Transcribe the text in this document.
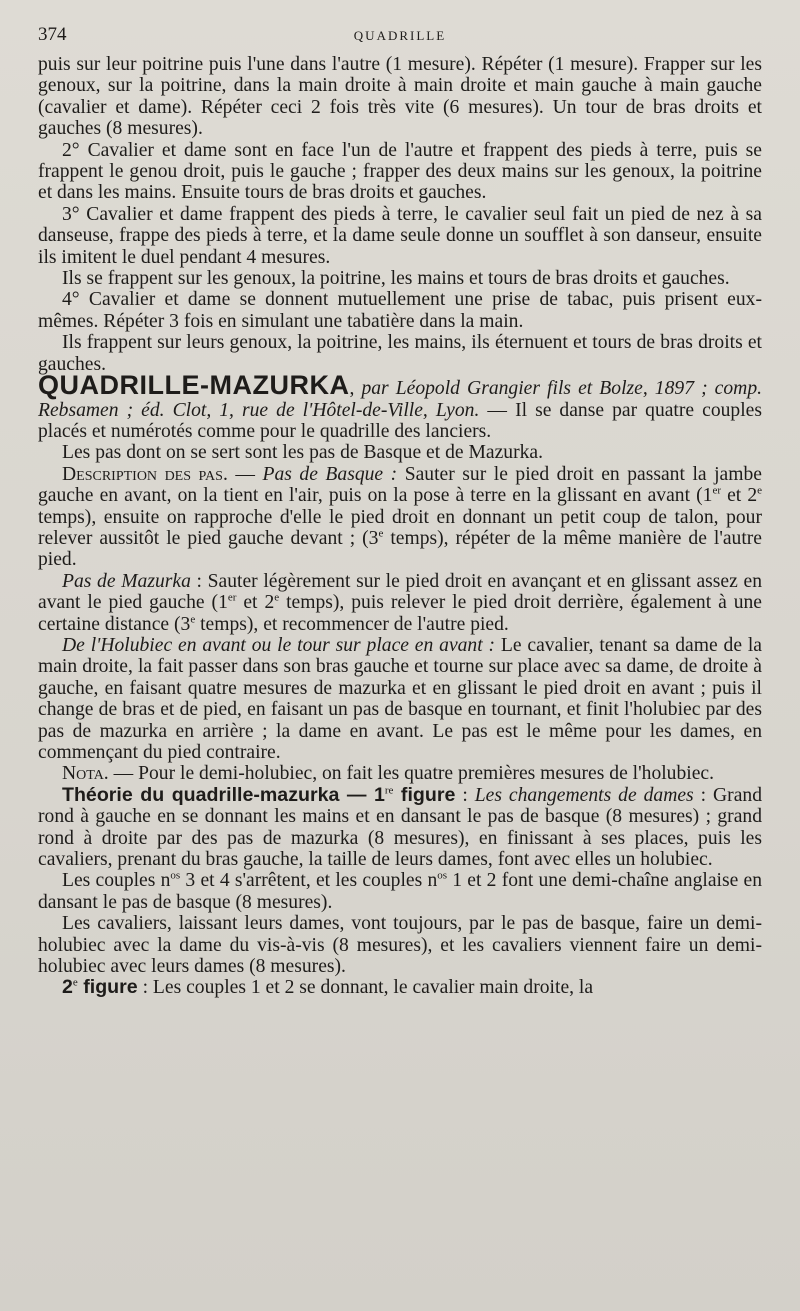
374	QUADRILLE

puis sur leur poitrine puis l'une dans l'autre (1 mesure). Répéter (1 mesure). Frapper sur les genoux, sur la poitrine, dans la main droite à main droite et main gauche à main gauche (cavalier et dame). Répéter ceci 2 fois très vite (6 mesures). Un tour de bras droits et gauches (8 mesures).

2° Cavalier et dame sont en face l'un de l'autre et frappent des pieds à terre, puis se frappent le genou droit, puis le gauche ; frapper des deux mains sur les genoux, la poitrine et dans les mains. Ensuite tours de bras droits et gauches.

3° Cavalier et dame frappent des pieds à terre, le cavalier seul fait un pied de nez à sa danseuse, frappe des pieds à terre, et la dame seule donne un soufflet à son danseur, ensuite ils imitent le duel pendant 4 mesures.

Ils se frappent sur les genoux, la poitrine, les mains et tours de bras droits et gauches.

4° Cavalier et dame se donnent mutuellement une prise de tabac, puis prisent eux-mêmes. Répéter 3 fois en simulant une tabatière dans la main.

Ils frappent sur leurs genoux, la poitrine, les mains, ils éternuent et tours de bras droits et gauches.

QUADRILLE-MAZURKA, par Léopold Grangier fils et Bolze, 1897 ; comp. Rebsamen ; éd. Clot, 1, rue de l'Hôtel-de-Ville, Lyon. — Il se danse par quatre couples placés et numérotés comme pour le quadrille des lanciers.

Les pas dont on se sert sont les pas de Basque et de Mazurka.

Description des pas. — Pas de Basque : Sauter sur le pied droit en passant la jambe gauche en avant, on la tient en l'air, puis on la pose à terre en la glissant en avant (1er et 2e temps), ensuite on rapproche d'elle le pied droit en donnant un petit coup de talon, pour relever aussitôt le pied gauche devant ; (3e temps), répéter de la même manière de l'autre pied.

Pas de Mazurka : Sauter légèrement sur le pied droit en avançant et en glissant assez en avant le pied gauche (1er et 2e temps), puis relever le pied droit derrière, également à une certaine distance (3e temps), et recommencer de l'autre pied.

De l'Holubiec en avant ou le tour sur place en avant : Le cavalier, tenant sa dame de la main droite, la fait passer dans son bras gauche et tourne sur place avec sa dame, de droite à gauche, en faisant quatre mesures de mazurka et en glissant le pied droit en avant ; puis il change de bras et de pied, en faisant un pas de basque en tournant, et finit l'holubiec par des pas de mazurka en arrière ; la dame en avant. Le pas est le même pour les dames, en commençant du pied contraire.

Nota. — Pour le demi-holubiec, on fait les quatre premières mesures de l'holubiec.

Théorie du quadrille-mazurka — 1re figure : Les changements de dames : Grand rond à gauche en se donnant les mains et en dansant le pas de basque (8 mesures) ; grand rond à droite par des pas de mazurka (8 mesures), en finissant à ses places, puis les cavaliers, prenant du bras gauche, la taille de leurs dames, font avec elles un holubiec.

Les couples $n^{os}$ 3 et 4 s'arrêtent, et les couples $n^{os}$ 1 et 2 font une demi-chaîne anglaise en dansant le pas de basque (8 mesures).

Les cavaliers, laissant leurs dames, vont toujours, par le pas de basque, faire un demi-holubiec avec la dame du vis-à-vis (8 mesures), et les cavaliers viennent faire un demi-holubiec avec leurs dames (8 mesures).

2e figure : Les couples 1 et 2 se donnant, le cavalier main droite, la
